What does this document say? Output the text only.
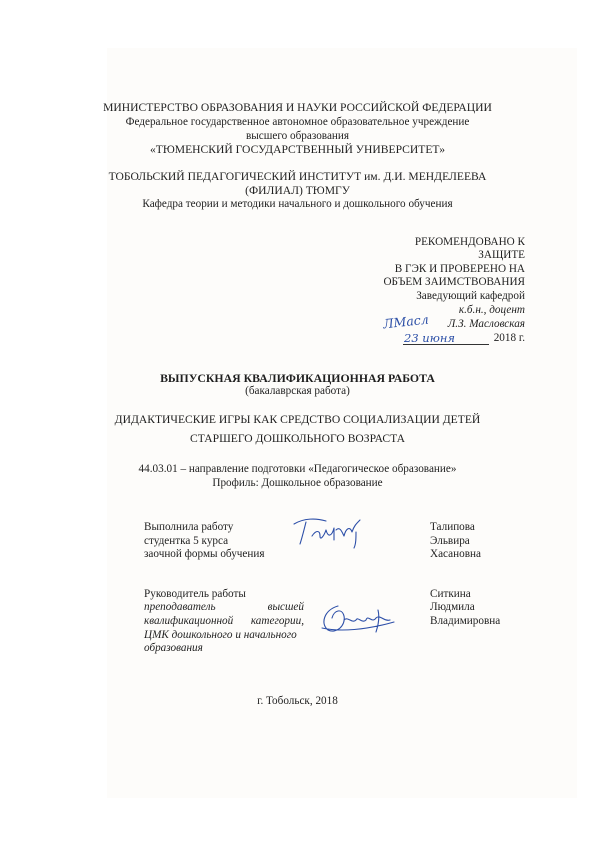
МИНИСТЕРСТВО ОБРАЗОВАНИЯ И НАУКИ РОССИЙСКОЙ ФЕДЕРАЦИИ
Федеральное государственное автономное образовательное учреждение
высшего образования
«ТЮМЕНСКИЙ ГОСУДАРСТВЕННЫЙ УНИВЕРСИТЕТ»
ТОБОЛЬСКИЙ ПЕДАГОГИЧЕСКИЙ ИНСТИТУТ им. Д.И. МЕНДЕЛЕЕВА
(ФИЛИАЛ) ТЮМГУ
Кафедра теории и методики начального и дошкольного обучения
РЕКОМЕНДОВАНО К
ЗАЩИТЕ
В ГЭК И ПРОВЕРЕНО НА
ОБЪЕМ ЗАИМСТВОВАНИЯ
Заведующий кафедрой
к.б.н., доцент
Л.З. Масловская
ЛМасл
23 июня	2018 г.
ВЫПУСКНАЯ КВАЛИФИКАЦИОННАЯ РАБОТА
(бакалаврская работа)
ДИДАКТИЧЕСКИЕ ИГРЫ КАК СРЕДСТВО СОЦИАЛИЗАЦИИ ДЕТЕЙ
СТАРШЕГО ДОШКОЛЬНОГО ВОЗРАСТА
44.03.01 – направление подготовки «Педагогическое образование»
Профиль: Дошкольное образование
Выполнила работу
студентка 5 курса
заочной формы обучения
Талипова
Эльвира
Хасановна
Руководитель работы
преподаватель высшей
квалификационной категории,
ЦМК дошкольного и начального
образования
Ситкина
Людмила
Владимировна
г. Тобольск, 2018
